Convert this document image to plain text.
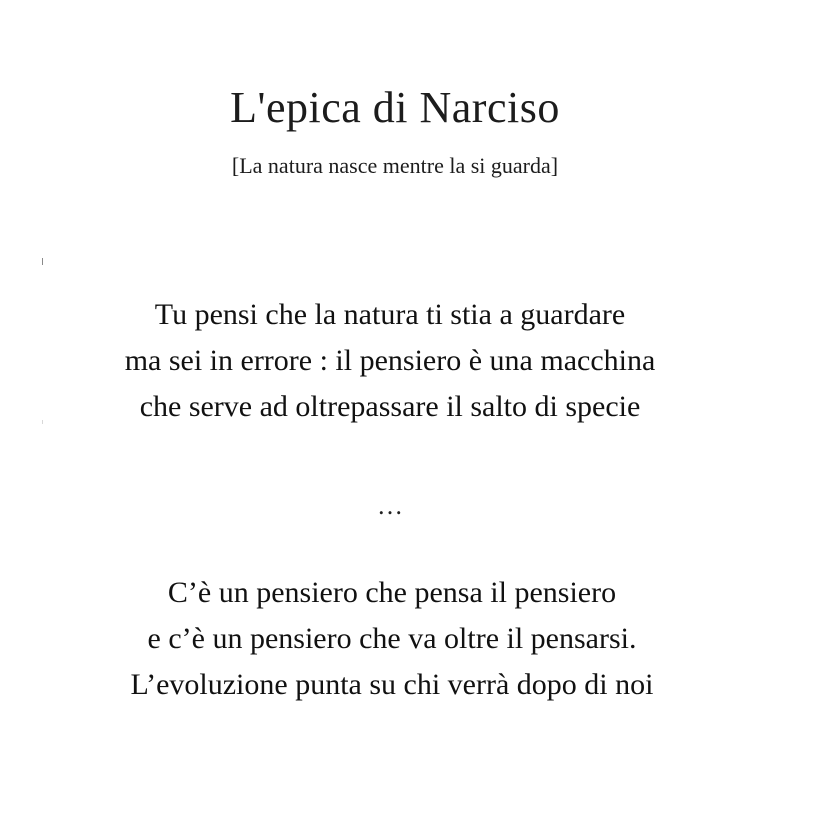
L'epica di Narciso
[La natura nasce mentre la si guarda]
Tu pensi che la natura ti stia a guardare
ma sei in errore : il pensiero è una macchina
che serve ad oltrepassare il salto di specie
…
C’è un pensiero che pensa il pensiero
e c’è un pensiero che va oltre il pensarsi.
L’evoluzione punta su chi verrà dopo di noi
